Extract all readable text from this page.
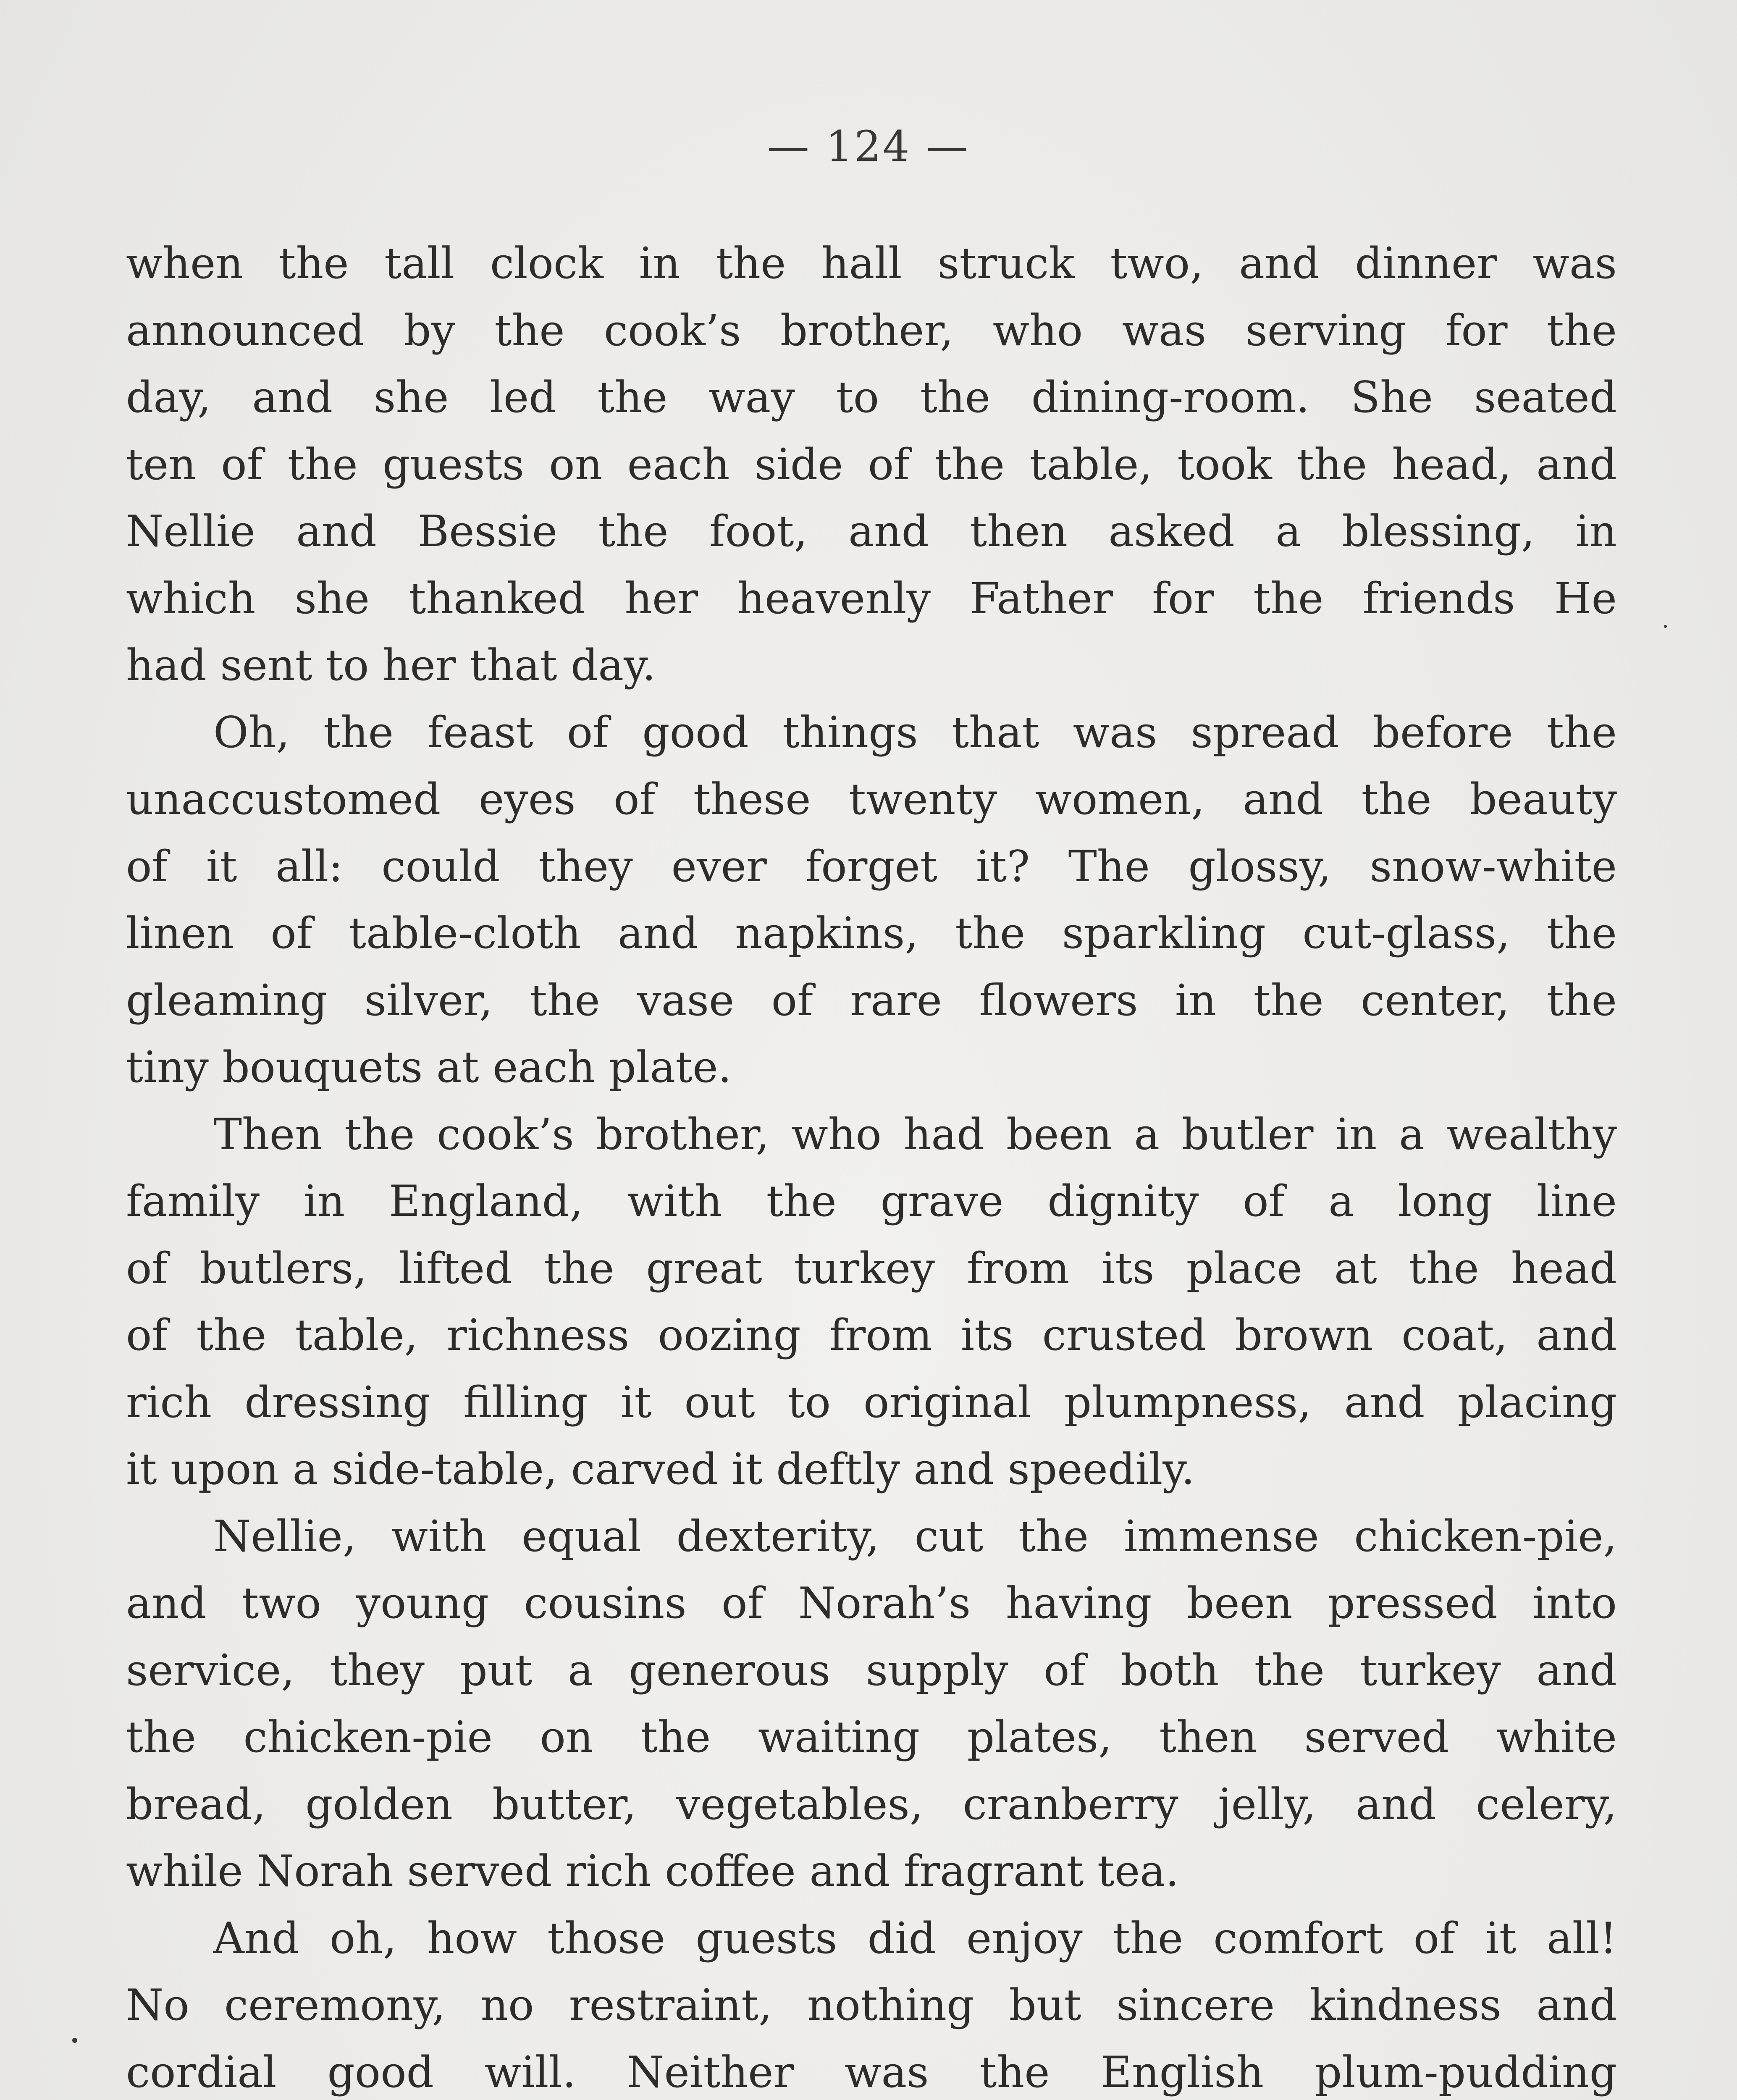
— 124 —
when the tall clock in the hall struck two, and dinner was
announced by the cook’s brother, who was serving for the
day, and she led the way to the dining-room. She seated
ten of the guests on each side of the table, took the head, and
Nellie and Bessie the foot, and then asked a blessing, in
which she thanked her heavenly Father for the friends He
had sent to her that day.
Oh, the feast of good things that was spread before the
unaccustomed eyes of these twenty women, and the beauty
of it all: could they ever forget it? The glossy, snow-white
linen of table-cloth and napkins, the sparkling cut-glass, the
gleaming silver, the vase of rare flowers in the center, the
tiny bouquets at each plate.
Then the cook’s brother, who had been a butler in a wealthy
family in England, with the grave dignity of a long line
of butlers, lifted the great turkey from its place at the head
of the table, richness oozing from its crusted brown coat, and
rich dressing filling it out to original plumpness, and placing
it upon a side-table, carved it deftly and speedily.
Nellie, with equal dexterity, cut the immense chicken-pie,
and two young cousins of Norah’s having been pressed into
service, they put a generous supply of both the turkey and
the chicken-pie on the waiting plates, then served white
bread, golden butter, vegetables, cranberry jelly, and celery,
while Norah served rich coffee and fragrant tea.
And oh, how those guests did enjoy the comfort of it all!
No ceremony, no restraint, nothing but sincere kindness and
cordial good will. Neither was the English plum-pudding
